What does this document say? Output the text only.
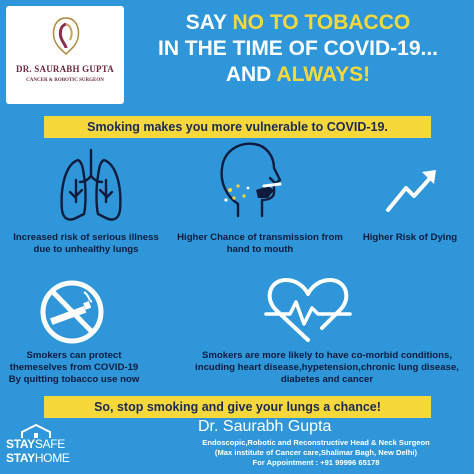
DR. SAURABH GUPTA
CANCER & ROBOTIC SURGEON
SAY NO TO TOBACCO
IN THE TIME OF COVID-19...
AND ALWAYS!
Smoking makes you more vulnerable to COVID-19.
Increased risk of serious illness due to unhealthy lungs
Higher Chance of transmission from hand to mouth
Higher Risk of Dying
Smokers can protect themeselves from COVID-19 By quitting tobacco use now
Smokers are more likely to have co-morbid conditions, incuding heart disease,hypetension,chronic lung disease, diabetes and cancer
So, stop smoking and give your lungs a chance!
STAYSAFE
STAYHOME
Dr. Saurabh Gupta
Endoscopic,Robotic and Reconstructive Head & Neck Surgeon
(Max institute of Cancer care,Shalimar Bagh, New Delhi)
For Appointment : +91 99996 65178
